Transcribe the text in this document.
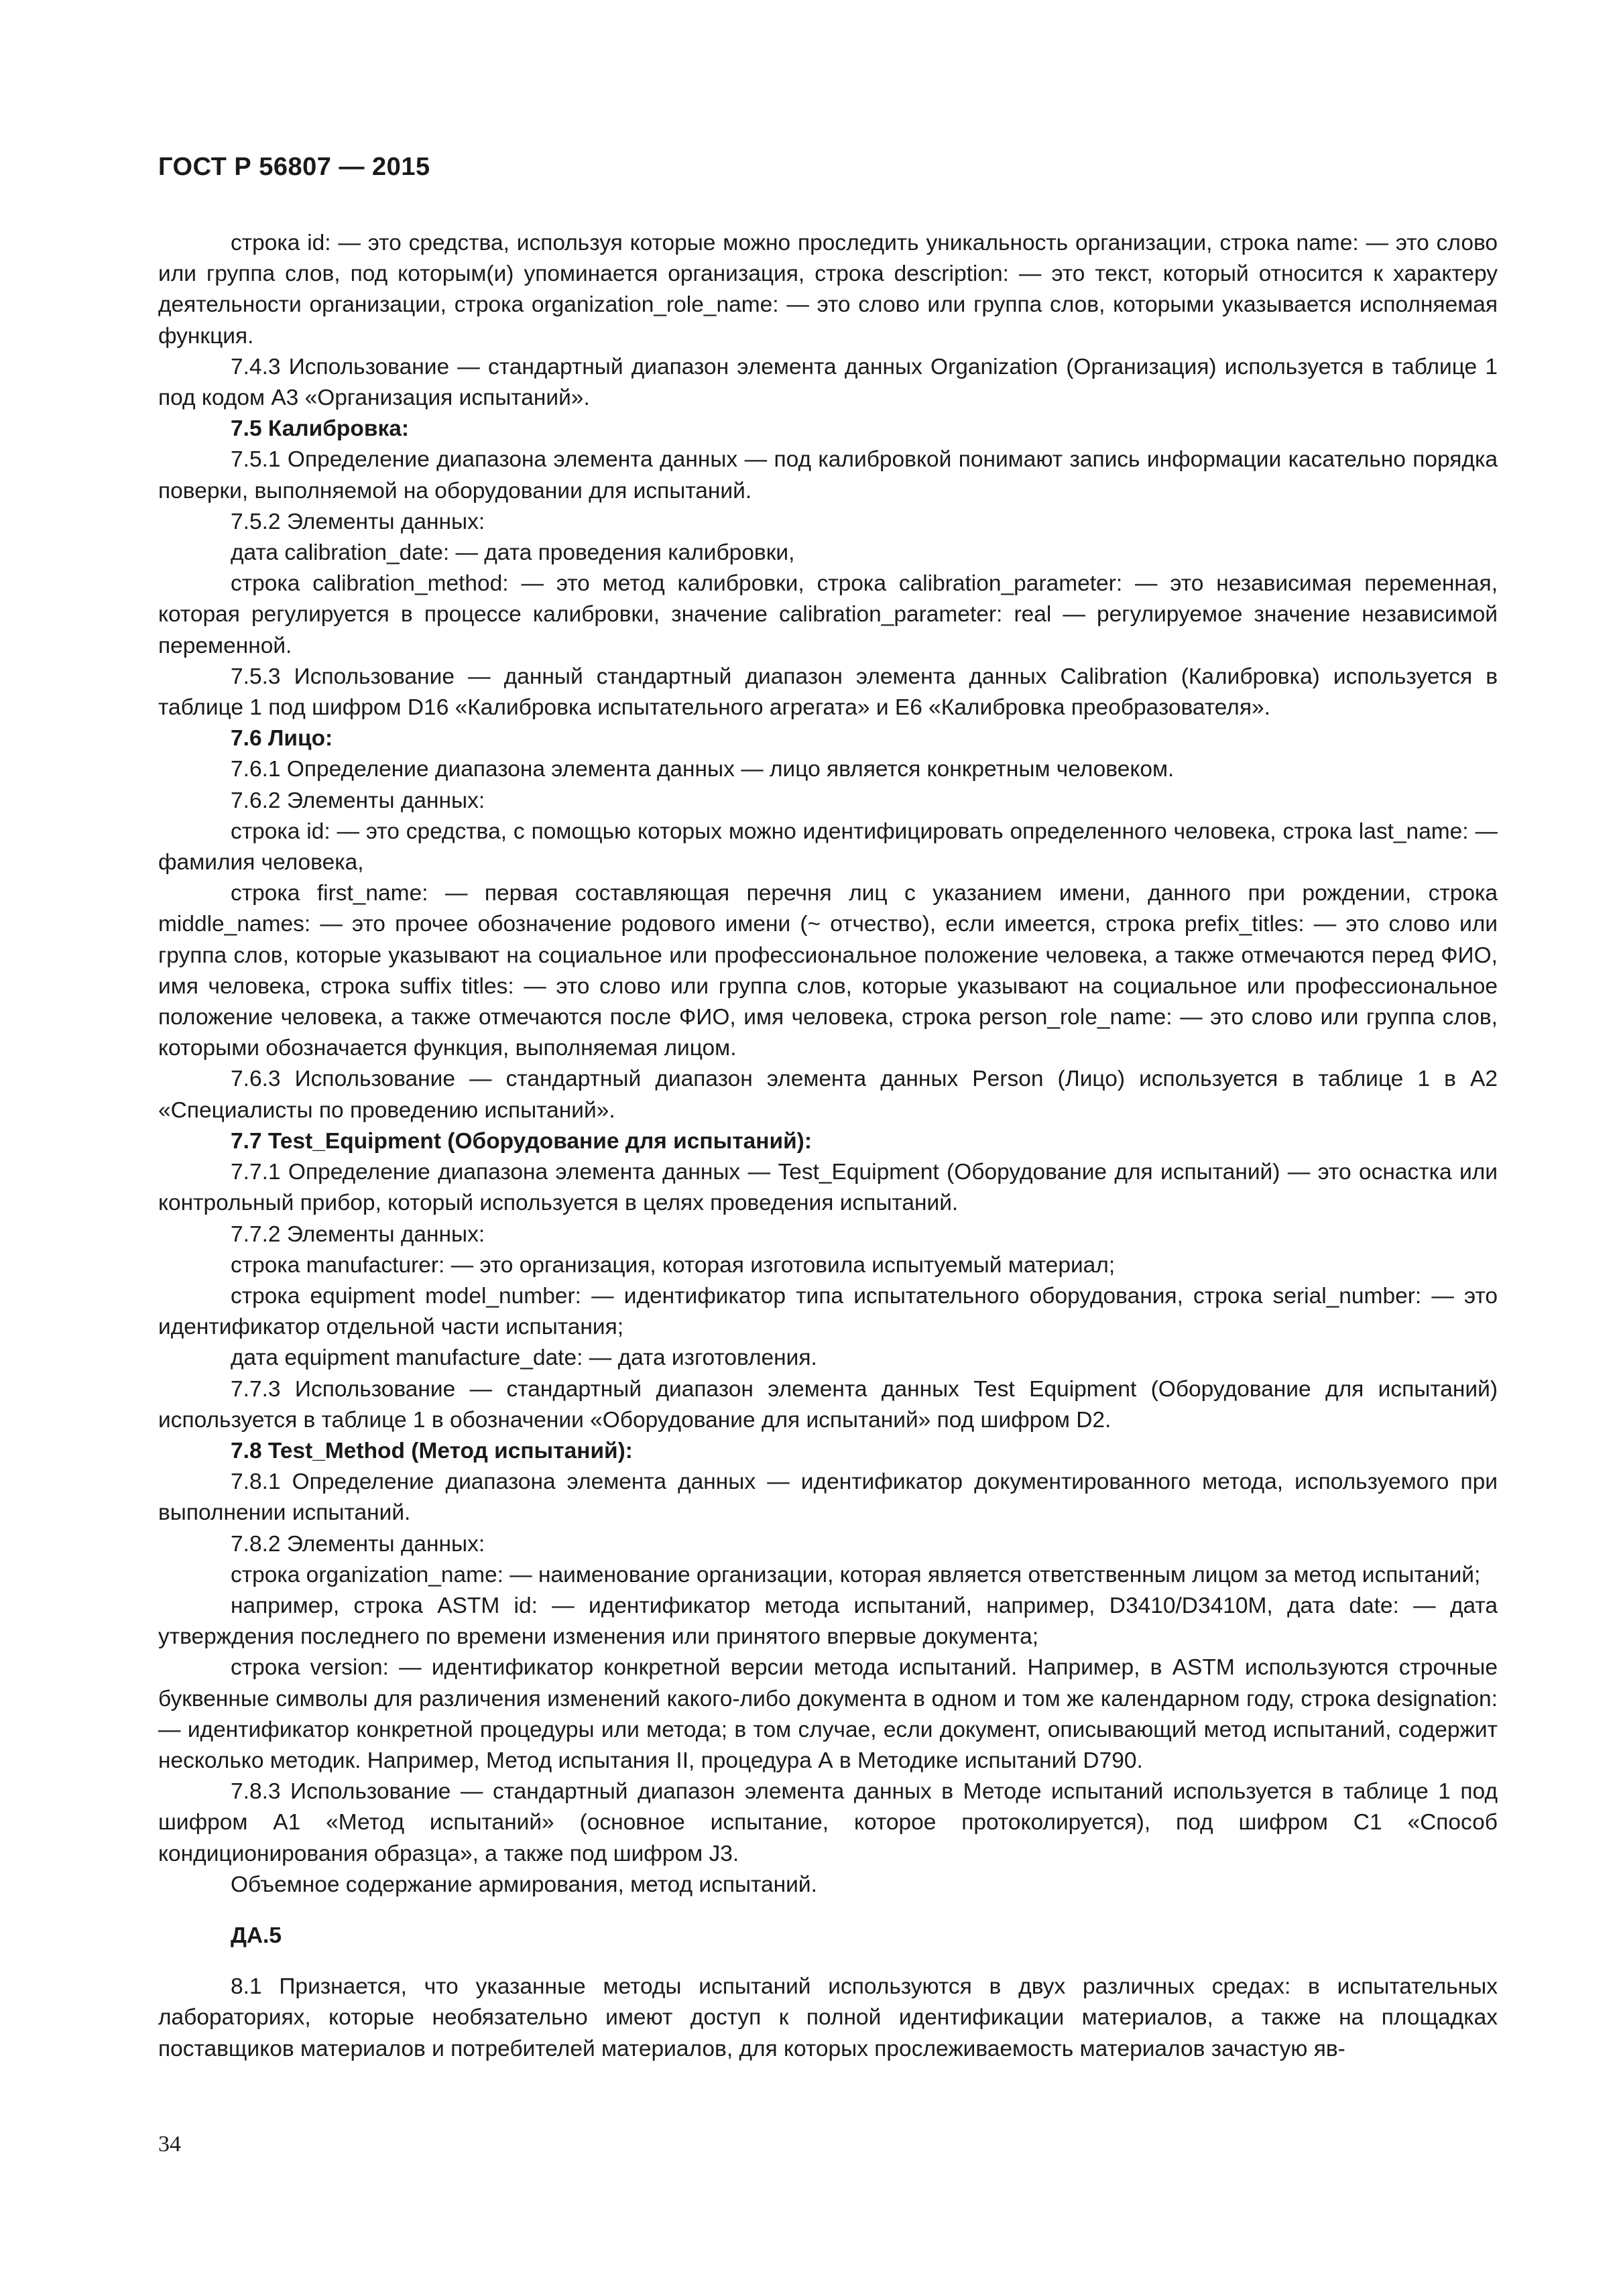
ГОСТ Р 56807 — 2015

строка id: — это средства, используя которые можно проследить уникальность организации, строка name: — это слово или группа слов, под которым(и) упоминается организация, строка description: — это текст, который относится к характеру деятельности организации, строка organization_role_name: — это слово или группа слов, которыми указывается исполняемая функция.

7.4.3 Использование — стандартный диапазон элемента данных Organization (Организация) используется в таблице 1 под кодом А3 «Организация испытаний».

7.5 Калибровка:

7.5.1 Определение диапазона элемента данных — под калибровкой понимают запись информации касательно порядка поверки, выполняемой на оборудовании для испытаний.

7.5.2 Элементы данных:

дата calibration_date: — дата проведения калибровки,

строка calibration_method: — это метод калибровки, строка calibration_parameter: — это независимая переменная, которая регулируется в процессе калибровки, значение calibration_parameter: real — регулируемое значение независимой переменной.

7.5.3 Использование — данный стандартный диапазон элемента данных Calibration (Калибровка) используется в таблице 1 под шифром D16 «Калибровка испытательного агрегата» и E6 «Калибровка преобразователя».

7.6 Лицо:

7.6.1 Определение диапазона элемента данных — лицо является конкретным человеком.

7.6.2 Элементы данных:

строка id: — это средства, с помощью которых можно идентифицировать определенного человека, строка last_name: — фамилия человека,

строка first_name: — первая составляющая перечня лиц с указанием имени, данного при рождении, строка middle_names: — это прочее обозначение родового имени (~ отчество), если имеется, строка prefix_titles: — это слово или группа слов, которые указывают на социальное или профессиональное положение человека, а также отмечаются перед ФИО, имя человека, строка suffix titles: — это слово или группа слов, которые указывают на социальное или профессиональное положение человека, а также отмечаются после ФИО, имя человека, строка person_role_name: — это слово или группа слов, которыми обозначается функция, выполняемая лицом.

7.6.3 Использование — стандартный диапазон элемента данных Person (Лицо) используется в таблице 1 в А2 «Специалисты по проведению испытаний».

7.7 Test_Equipment (Оборудование для испытаний):

7.7.1 Определение диапазона элемента данных — Test_Equipment (Оборудование для испытаний) — это оснастка или контрольный прибор, который используется в целях проведения испытаний.

7.7.2 Элементы данных:

строка manufacturer: — это организация, которая изготовила испытуемый материал;

строка equipment model_number: — идентификатор типа испытательного оборудования, строка serial_number: — это идентификатор отдельной части испытания;

дата equipment manufacture_date: — дата изготовления.

7.7.3 Использование — стандартный диапазон элемента данных Test Equipment (Оборудование для испытаний) используется в таблице 1 в обозначении «Оборудование для испытаний» под шифром D2.

7.8 Test_Method (Метод испытаний):

7.8.1 Определение диапазона элемента данных — идентификатор документированного метода, используемого при выполнении испытаний.

7.8.2 Элементы данных:

строка organization_name: — наименование организации, которая является ответственным лицом за метод испытаний;

например, строка ASTM id: — идентификатор метода испытаний, например, D3410/D3410M, дата date: — дата утверждения последнего по времени изменения или принятого впервые документа;

строка version: — идентификатор конкретной версии метода испытаний. Например, в ASTM используются строчные буквенные символы для различения изменений какого-либо документа в одном и том же календарном году, строка designation: — идентификатор конкретной процедуры или метода; в том случае, если документ, описывающий метод испытаний, содержит несколько методик. Например, Метод испытания II, процедура А в Методике испытаний D790.

7.8.3 Использование — стандартный диапазон элемента данных в Методе испытаний используется в таблице 1 под шифром А1 «Метод испытаний» (основное испытание, которое протоколируется), под шифром С1 «Способ кондиционирования образца», а также под шифром J3.

Объемное содержание армирования, метод испытаний.

ДА.5

8.1 Признается, что указанные методы испытаний используются в двух различных средах: в испытательных лабораториях, которые необязательно имеют доступ к полной идентификации материалов, а также на площадках поставщиков материалов и потребителей материалов, для которых прослеживаемость материалов зачастую яв-

34
